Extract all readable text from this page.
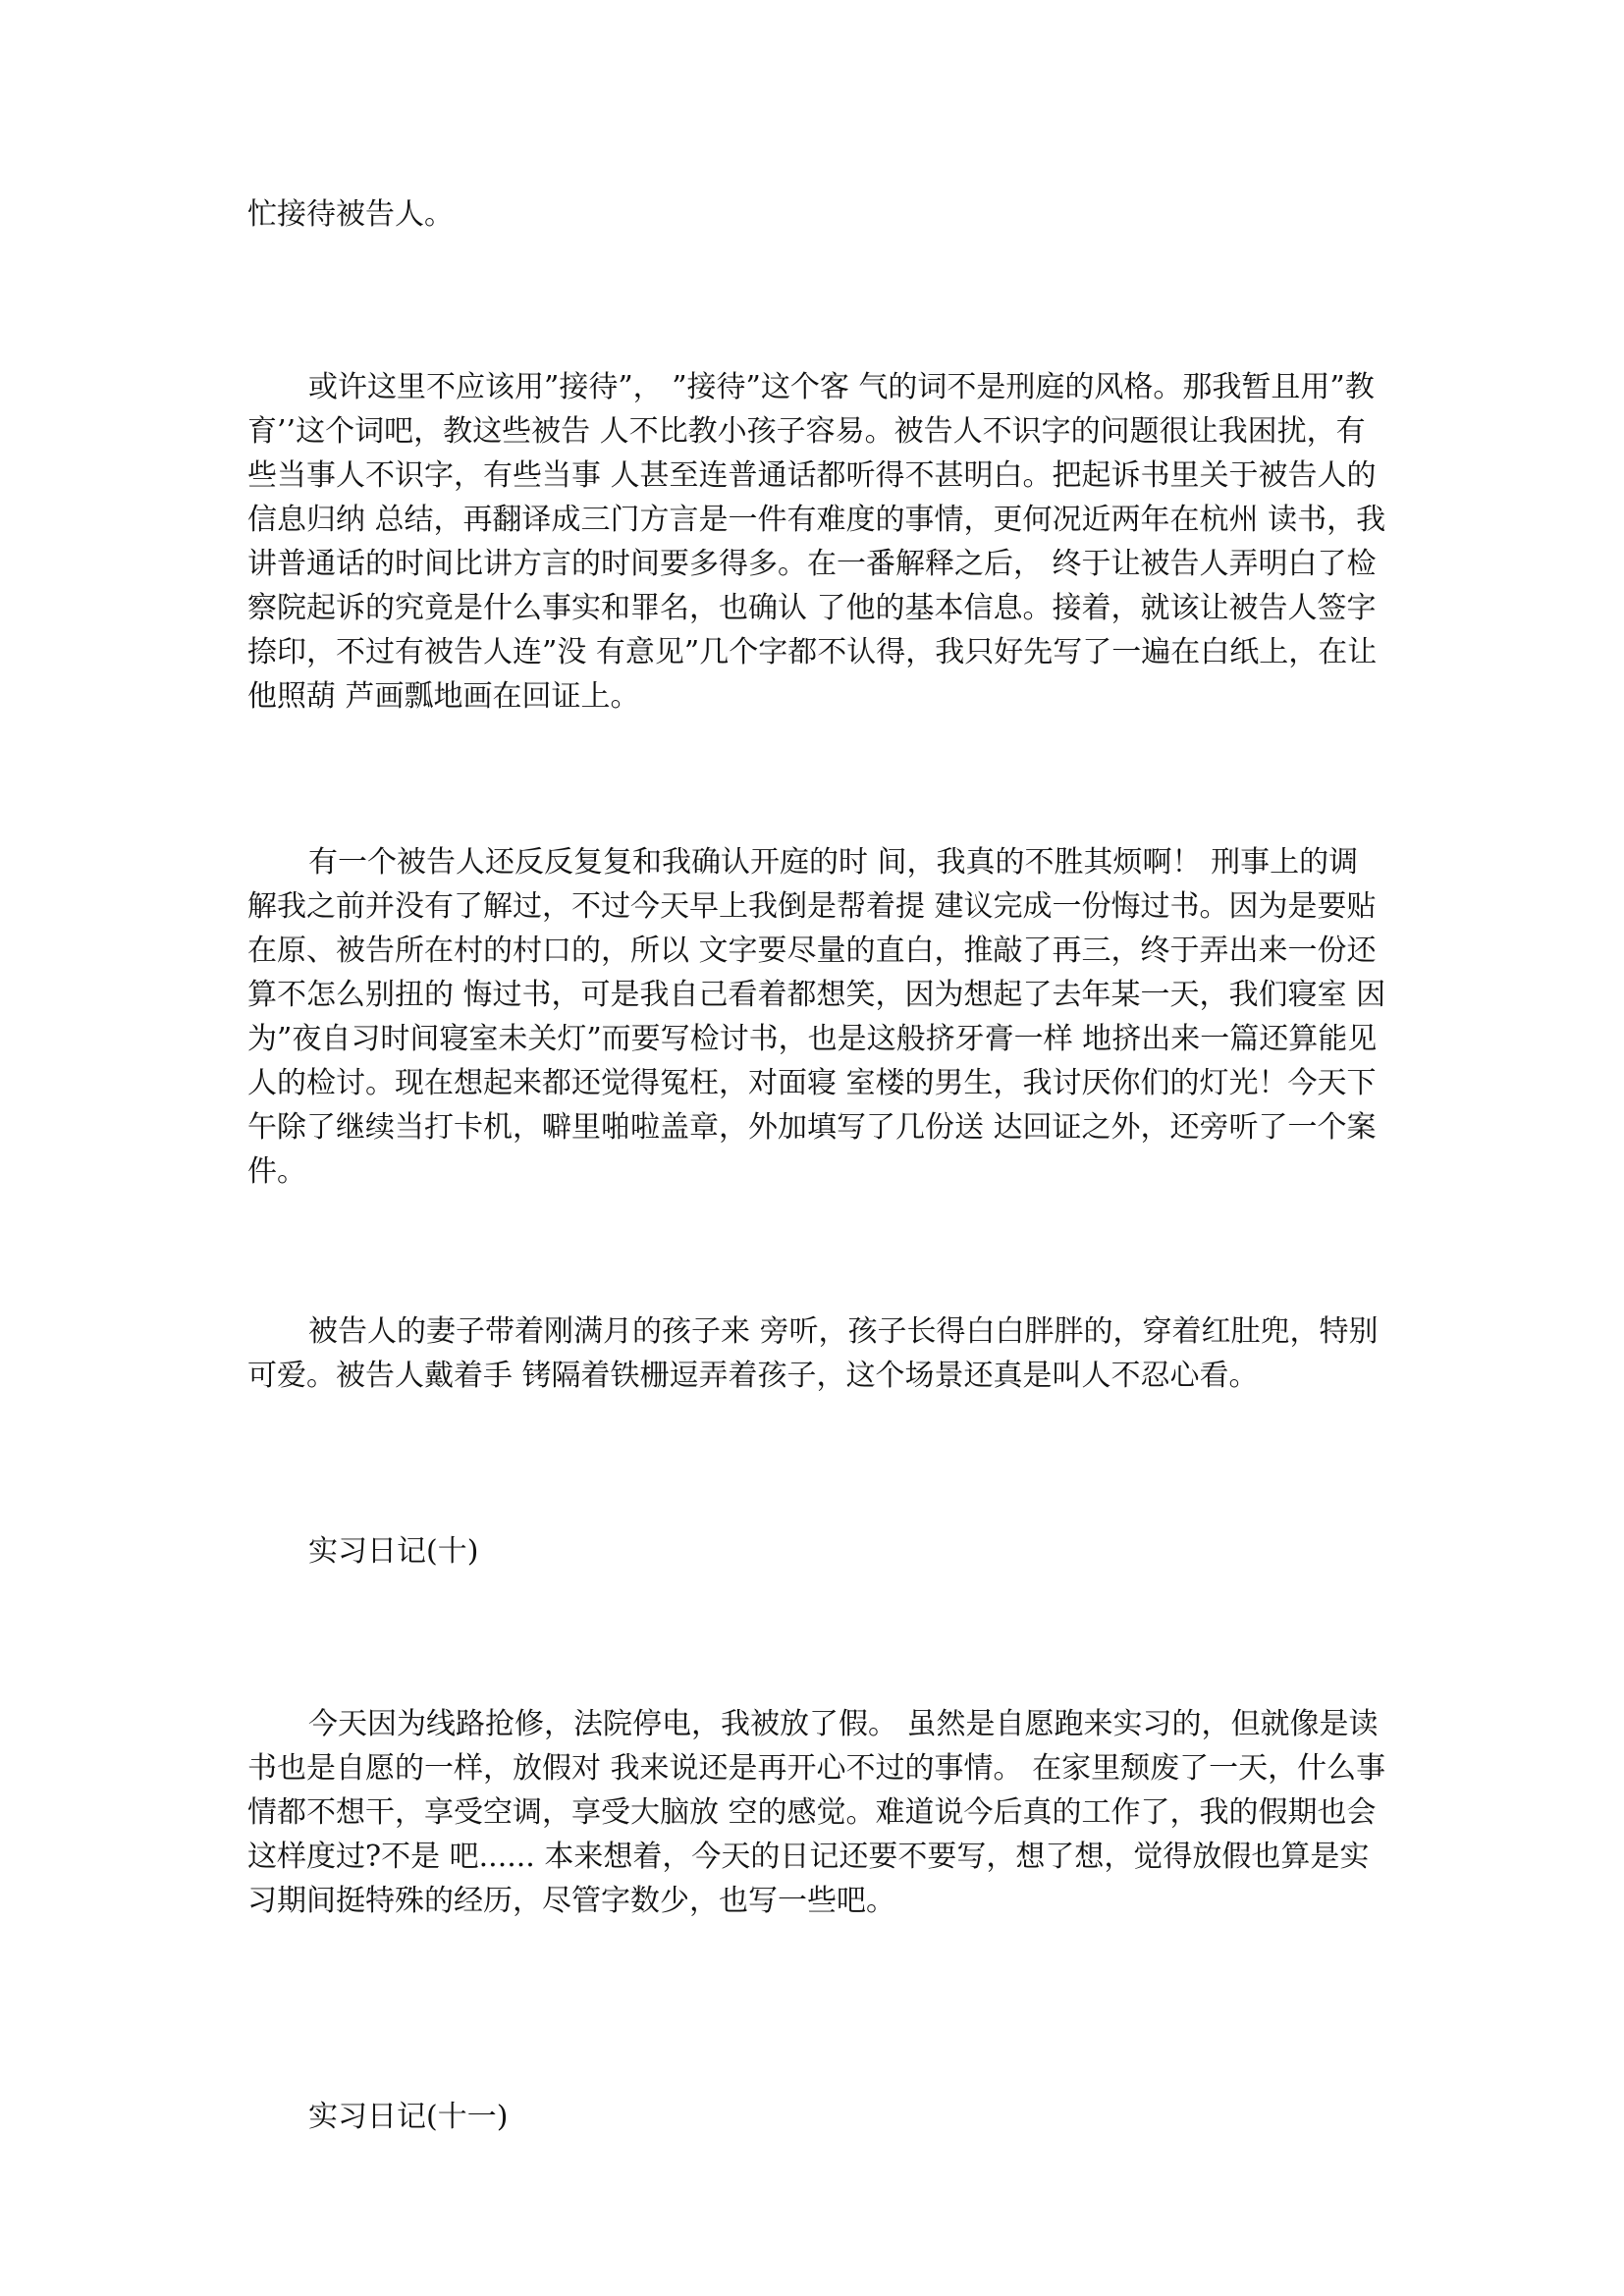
忙接待被告人。

或许这里不应该用”接待”， ”接待”这个客 气的词不是刑庭的风格。那我暂且用”教育’’这个词吧，教这些被告 人不比教小孩子容易。被告人不识字的问题很让我困扰，有些当事人不识字，有些当事 人甚至连普通话都听得不甚明白。把起诉书里关于被告人的信息归纳 总结，再翻译成三门方言是一件有难度的事情，更何况近两年在杭州 读书，我讲普通话的时间比讲方言的时间要多得多。在一番解释之后， 终于让被告人弄明白了检察院起诉的究竟是什么事实和罪名，也确认 了他的基本信息。接着，就该让被告人签字捺印，不过有被告人连”没 有意见”几个字都不认得，我只好先写了一遍在白纸上，在让他照葫 芦画瓢地画在回证上。

有一个被告人还反反复复和我确认开庭的时 间，我真的不胜其烦啊！ 刑事上的调解我之前并没有了解过，不过今天早上我倒是帮着提 建议完成一份悔过书。因为是要贴在原、被告所在村的村口的，所以 文字要尽量的直白，推敲了再三，终于弄出来一份还算不怎么别扭的 悔过书，可是我自己看着都想笑，因为想起了去年某一天，我们寝室 因为”夜自习时间寝室未关灯”而要写检讨书，也是这般挤牙膏一样 地挤出来一篇还算能见人的检讨。现在想起来都还觉得冤枉，对面寝 室楼的男生，我讨厌你们的灯光！今天下午除了继续当打卡机，噼里啪啦盖章，外加填写了几份送 达回证之外，还旁听了一个案件。

被告人的妻子带着刚满月的孩子来 旁听，孩子长得白白胖胖的，穿着红肚兜，特别可爱。被告人戴着手 铐隔着铁栅逗弄着孩子，这个场景还真是叫人不忍心看。

实习日记(十)

今天因为线路抢修，法院停电，我被放了假。 虽然是自愿跑来实习的，但就像是读书也是自愿的一样，放假对 我来说还是再开心不过的事情。 在家里颓废了一天，什么事情都不想干，享受空调，享受大脑放 空的感觉。难道说今后真的工作了，我的假期也会这样度过?不是 吧...... 本来想着，今天的日记还要不要写，想了想，觉得放假也算是实 习期间挺特殊的经历，尽管字数少，也写一些吧。

实习日记(十一)
